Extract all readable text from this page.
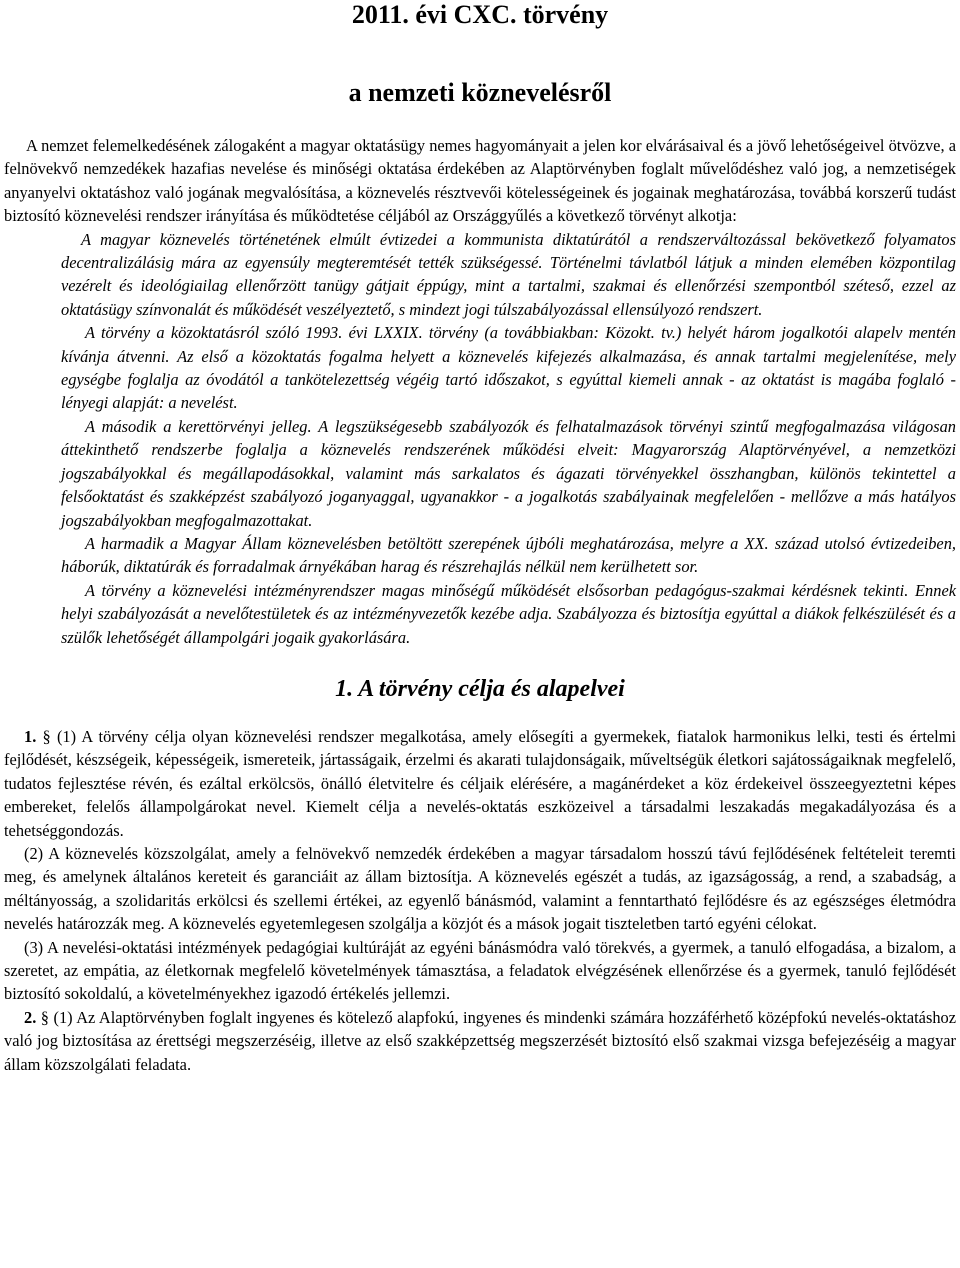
2011. évi CXC. törvény
a nemzeti köznevelésről

A nemzet felemelkedésének zálogaként a magyar oktatásügy nemes hagyományait a jelen kor elvárásaival és a jövő lehetőségeivel ötvözve, a felnövekvő nemzedékek hazafias nevelése és minőségi oktatása érdekében az Alaptörvényben foglalt művelődéshez való jog, a nemzetiségek anyanyelvi oktatáshoz való jogának megvalósítása, a köznevelés résztvevői kötelességeinek és jogainak meghatározása, továbbá korszerű tudást biztosító köznevelési rendszer irányítása és működtetése céljából az Országgyűlés a következő törvényt alkotja:

A magyar köznevelés történetének elmúlt évtizedei a kommunista diktatúrától a rendszerváltozással bekövetkező folyamatos decentralizálásig mára az egyensúly megteremtését tették szükségessé. Történelmi távlatból látjuk a minden elemében központilag vezérelt és ideológiailag ellenőrzött tanügy gátjait éppúgy, mint a tartalmi, szakmai és ellenőrzési szempontból széteső, ezzel az oktatásügy színvonalát és működését veszélyeztető, s mindezt jogi túlszabályozással ellensúlyozó rendszert.

A törvény a közoktatásról szóló 1993. évi LXXIX. törvény (a továbbiakban: Közokt. tv.) helyét három jogalkotói alapelv mentén kívánja átvenni. Az első a közoktatás fogalma helyett a köznevelés kifejezés alkalmazása, és annak tartalmi megjelenítése, mely egységbe foglalja az óvodától a tankötelezettség végéig tartó időszakot, s egyúttal kiemeli annak - az oktatást is magába foglaló - lényegi alapját: a nevelést.

A második a kerettörvényi jelleg. A legszükségesebb szabályozók és felhatalmazások törvényi szintű megfogalmazása világosan áttekinthető rendszerbe foglalja a köznevelés rendszerének működési elveit: Magyarország Alaptörvényével, a nemzetközi jogszabályokkal és megállapodásokkal, valamint más sarkalatos és ágazati törvényekkel összhangban, különös tekintettel a felsőoktatást és szakképzést szabályozó joganyaggal, ugyanakkor - a jogalkotás szabályainak megfelelően - mellőzve a más hatályos jogszabályokban megfogalmazottakat.

A harmadik a Magyar Állam köznevelésben betöltött szerepének újbóli meghatározása, melyre a XX. század utolsó évtizedeiben, háborúk, diktatúrák és forradalmak árnyékában harag és részrehajlás nélkül nem kerülhetett sor.

A törvény a köznevelési intézményrendszer magas minőségű működését elsősorban pedagógus-szakmai kérdésnek tekinti. Ennek helyi szabályozását a nevelőtestületek és az intézményvezetők kezébe adja. Szabályozza és biztosítja egyúttal a diákok felkészülését és a szülők lehetőségét állampolgári jogaik gyakorlására.

1. A törvény célja és alapelvei

1. § (1) A törvény célja olyan köznevelési rendszer megalkotása, amely elősegíti a gyermekek, fiatalok harmonikus lelki, testi és értelmi fejlődését, készségeik, képességeik, ismereteik, jártasságaik, érzelmi és akarati tulajdonságaik, műveltségük életkori sajátosságaiknak megfelelő, tudatos fejlesztése révén, és ezáltal erkölcsös, önálló életvitelre és céljaik elérésére, a magánérdeket a köz érdekeivel összeegyeztetni képes embereket, felelős állampolgárokat nevel. Kiemelt célja a nevelés-oktatás eszközeivel a társadalmi leszakadás megakadályozása és a tehetséggondozás.

(2) A köznevelés közszolgálat, amely a felnövekvő nemzedék érdekében a magyar társadalom hosszú távú fejlődésének feltételeit teremti meg, és amelynek általános kereteit és garanciáit az állam biztosítja. A köznevelés egészét a tudás, az igazságosság, a rend, a szabadság, a méltányosság, a szolidaritás erkölcsi és szellemi értékei, az egyenlő bánásmód, valamint a fenntartható fejlődésre és az egészséges életmódra nevelés határozzák meg. A köznevelés egyetemlegesen szolgálja a közjót és a mások jogait tiszteletben tartó egyéni célokat.

(3) A nevelési-oktatási intézmények pedagógiai kultúráját az egyéni bánásmódra való törekvés, a gyermek, a tanuló elfogadása, a bizalom, a szeretet, az empátia, az életkornak megfelelő követelmények támasztása, a feladatok elvégzésének ellenőrzése és a gyermek, tanuló fejlődését biztosító sokoldalú, a követelményekhez igazodó értékelés jellemzi.

2. § (1) Az Alaptörvényben foglalt ingyenes és kötelező alapfokú, ingyenes és mindenki számára hozzáférhető középfokú nevelés-oktatáshoz való jog biztosítása az érettségi megszerzéséig, illetve az első szakképzettség megszerzését biztosító első szakmai vizsga befejezéséig a magyar állam közszolgálati feladata.
